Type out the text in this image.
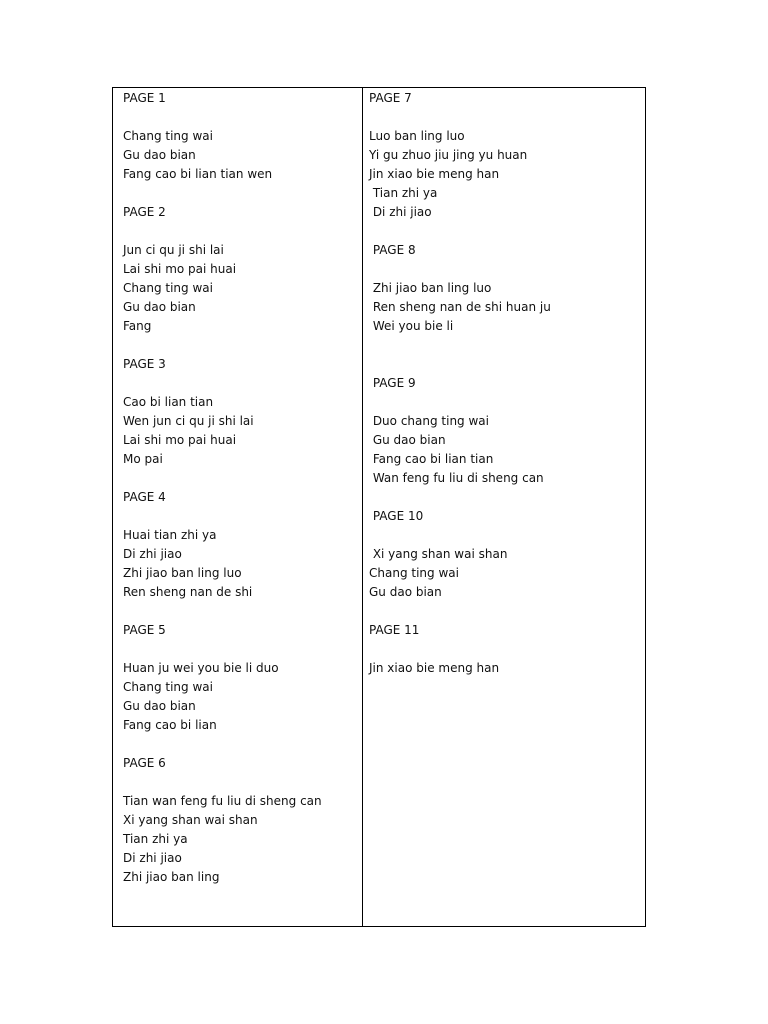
PAGE 1
Chang ting wai
Gu dao bian
Fang cao bi lian tian wen
PAGE 2
Jun ci qu ji shi lai
Lai shi mo pai huai
Chang ting wai
Gu dao bian
Fang
PAGE 3
Cao bi lian tian
Wen jun ci qu ji shi lai
Lai shi mo pai huai
Mo pai
PAGE 4
Huai tian zhi ya
Di zhi jiao
Zhi jiao ban ling luo
Ren sheng nan de shi
PAGE 5
Huan ju wei you bie li duo
Chang ting wai
Gu dao bian
Fang cao bi lian
PAGE 6
Tian wan feng fu liu di sheng can
Xi yang shan wai shan
Tian zhi ya
Di zhi jiao
Zhi jiao ban ling
PAGE 7
Luo ban ling luo
Yi gu zhuo jiu jing yu huan
Jin xiao bie meng han
Tian zhi ya
Di zhi jiao
PAGE 8
Zhi jiao ban ling luo
Ren sheng nan de shi huan ju
Wei you bie li
PAGE 9
Duo chang ting wai
Gu dao bian
Fang cao bi lian tian
Wan feng fu liu di sheng can
PAGE 10
Xi yang shan wai shan
Chang ting wai
Gu dao bian
PAGE 11
Jin xiao bie meng han
